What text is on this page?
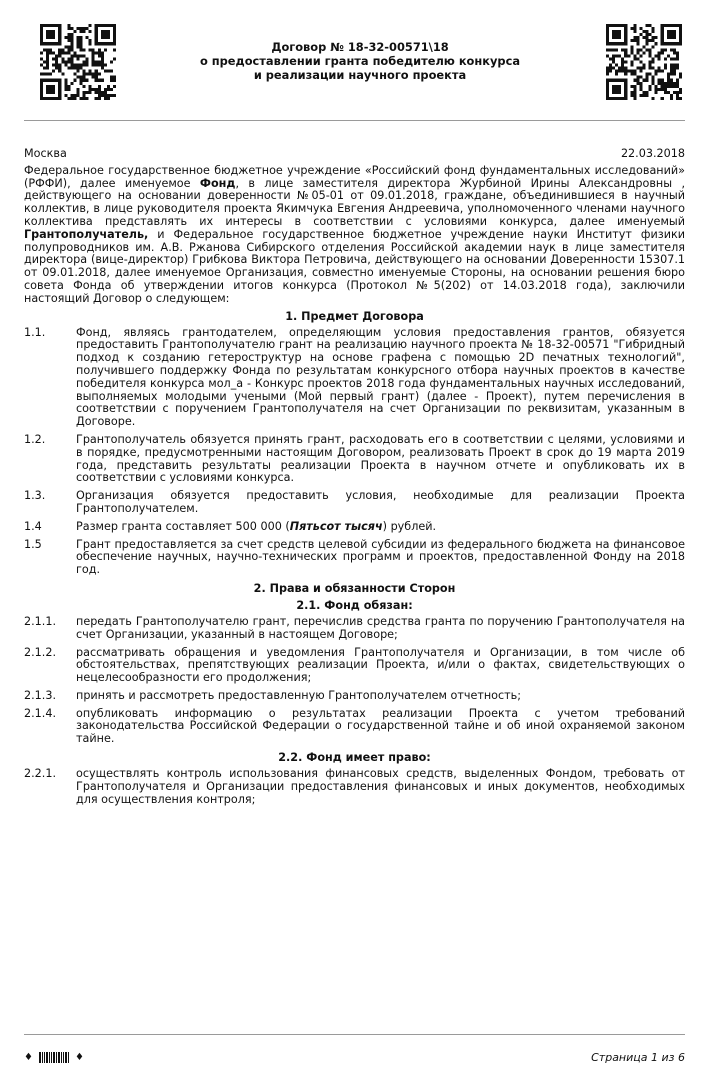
Договор № 18-32-00571\18
о предоставлении гранта победителю конкурса
и реализации научного проекта
Москва	22.03.2018

Федеральное государственное бюджетное учреждение «Российский фонд фундаментальных исследований» (РФФИ), далее именуемое Фонд, в лице заместителя директора Журбиной Ирины Александровны , действующего на основании доверенности №05-01 от 09.01.2018, граждане, объединившиеся в научный коллектив, в лице руководителя проекта Якимчука Евгения Андреевича, уполномоченного членами научного коллектива представлять их интересы в соответствии с условиями конкурса, далее именуемый Грантополучатель, и Федеральное государственное бюджетное учреждение науки Институт физики полупроводников им. А.В. Ржанова Сибирского отделения Российской академии наук в лице заместителя директора (вице-директор) Грибкова Виктора Петровича, действующего на основании Доверенности 15307.1 от 09.01.2018, далее именуемое Организация, совместно именуемые Стороны, на основании решения бюро совета Фонда об утверждении итогов конкурса (Протокол №5(202) от 14.03.2018 года), заключили настоящий Договор о следующем:

1. Предмет Договора
1.1.	Фонд, являясь грантодателем, определяющим условия предоставления грантов, обязуется предоставить Грантополучателю грант на реализацию научного проекта № 18-32-00571 "Гибридный подход к созданию гетероструктур на основе графена с помощью 2D печатных технологий", получившего поддержку Фонда по результатам конкурсного отбора научных проектов в качестве победителя конкурса мол_а - Конкурс проектов 2018 года фундаментальных научных исследований, выполняемых молодыми учеными (Мой первый грант) (далее - Проект), путем перечисления в соответствии с поручением Грантополучателя на счет Организации по реквизитам, указанным в Договоре.
1.2.	Грантополучатель обязуется принять грант, расходовать его в соответствии с целями, условиями и в порядке, предусмотренными настоящим Договором, реализовать Проект в срок до 19 марта 2019 года, представить результаты реализации Проекта в научном отчете и опубликовать их в соответствии с условиями конкурса.
1.3.	Организация обязуется предоставить условия, необходимые для реализации Проекта Грантополучателем.
1.4	Размер гранта составляет 500 000 (Пятьсот тысяч) рублей.
1.5	Грант предоставляется за счет средств целевой субсидии из федерального бюджета на финансовое обеспечение научных, научно-технических программ и проектов, предоставленной Фонду на 2018 год.
2. Права и обязанности Сторон
2.1. Фонд обязан:
2.1.1.	передать Грантополучателю грант, перечислив средства гранта по поручению Грантополучателя на счет Организации, указанный в настоящем Договоре;
2.1.2.	рассматривать обращения и уведомления Грантополучателя и Организации, в том числе об обстоятельствах, препятствующих реализации Проекта, и/или о фактах, свидетельствующих о нецелесообразности его продолжения;
2.1.3.	принять и рассмотреть предоставленную Грантополучателем отчетность;
2.1.4.	опубликовать информацию о результатах реализации Проекта с учетом требований законодательства Российской Федерации о государственной тайне и об иной охраняемой законом тайне.
2.2. Фонд имеет право:
2.2.1.	осуществлять контроль использования финансовых средств, выделенных Фондом, требовать от Грантополучателя и Организации предоставления финансовых и иных документов, необходимых для осуществления контроля;
♦	♦	Страница 1 из 6
